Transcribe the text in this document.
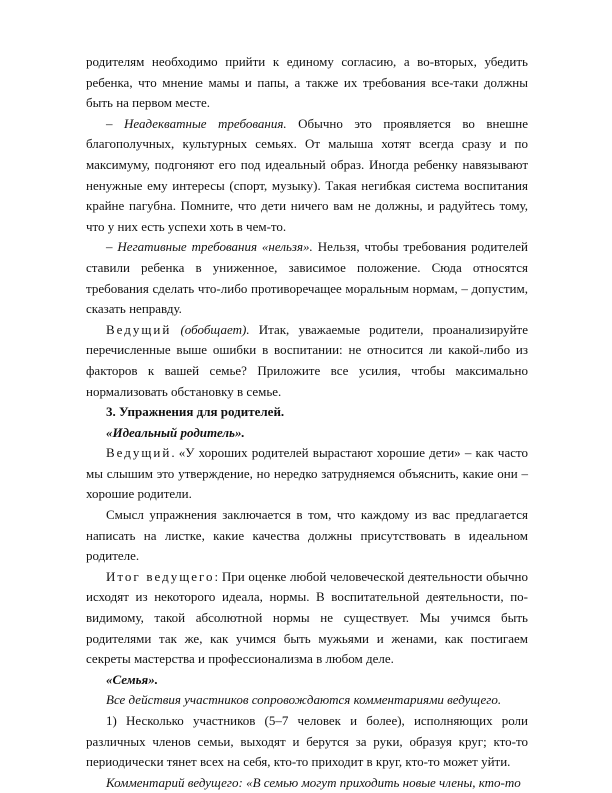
родителям необходимо прийти к единому согласию, а во-вторых, убедить ребенка, что мнение мамы и папы, а также их требования все-таки должны быть на первом месте.

– Неадекватные требования. Обычно это проявляется во внешне благополучных, культурных семьях. От малыша хотят всегда сразу и по максимуму, подгоняют его под идеальный образ. Иногда ребенку навязывают ненужные ему интересы (спорт, музыку). Такая негибкая система воспитания крайне пагубна. Помните, что дети ничего вам не должны, и радуйтесь тому, что у них есть успехи хоть в чем-то.

– Негативные требования «нельзя». Нельзя, чтобы требования родителей ставили ребенка в униженное, зависимое положение. Сюда относятся требования сделать что-либо противоречащее моральным нормам, – допустим, сказать неправду.

Ведущий (обобщает). Итак, уважаемые родители, проанализируйте перечисленные выше ошибки в воспитании: не относится ли какой-либо из факторов к вашей семье? Приложите все усилия, чтобы максимально нормализовать обстановку в семье.

3. Упражнения для родителей.

«Идеальный родитель».

Ведущий. «У хороших родителей вырастают хорошие дети» – как часто мы слышим это утверждение, но нередко затрудняемся объяснить, какие они – хорошие родители.

Смысл упражнения заключается в том, что каждому из вас предлагается написать на листке, какие качества должны присутствовать в идеальном родителе.

Итог ведущего: При оценке любой человеческой деятельности обычно исходят из некоторого идеала, нормы. В воспитательной деятельности, по-видимому, такой абсолютной нормы не существует. Мы учимся быть родителями так же, как учимся быть мужьями и женами, как постигаем секреты мастерства и профессионализма в любом деле.

«Семья».

Все действия участников сопровождаются комментариями ведущего.

1) Несколько участников (5–7 человек и более), исполняющих роли различных членов семьи, выходят и берутся за руки, образуя круг; кто-то периодически тянет всех на себя, кто-то приходит в круг, кто-то может уйти.

Комментарий ведущего: «В семью могут приходить новые члены, кто-то
